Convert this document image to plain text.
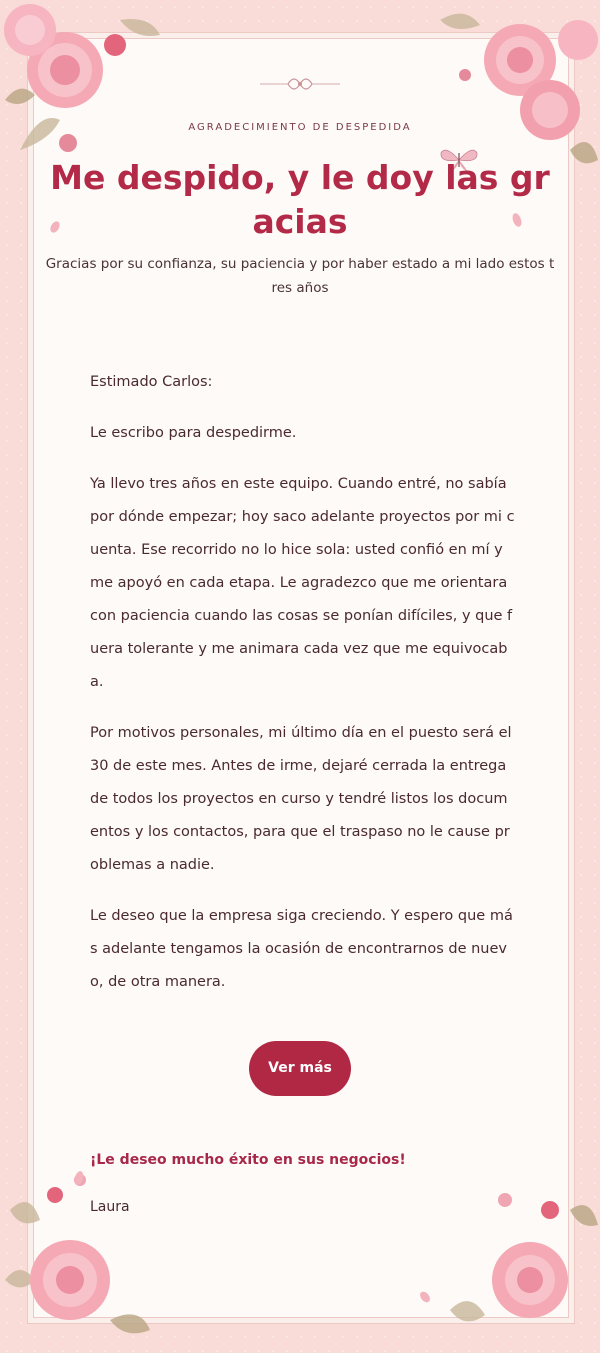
AGRADECIMIENTO DE DESPEDIDA
Me despido, y le doy las gracias
Gracias por su confianza, su paciencia y por haber estado a mi lado estos tres años

Estimado Carlos:

Le escribo para despedirme.

Ya llevo tres años en este equipo. Cuando entré, no sabía por dónde empezar; hoy saco adelante proyectos por mi cuenta. Ese recorrido no lo hice sola: usted confió en mí y me apoyó en cada etapa. Le agradezco que me orientara con paciencia cuando las cosas se ponían difíciles, y que fuera tolerante y me animara cada vez que me equivocaba.

Por motivos personales, mi último día en el puesto será el 30 de este mes. Antes de irme, dejaré cerrada la entrega de todos los proyectos en curso y tendré listos los documentos y los contactos, para que el traspaso no le cause problemas a nadie.

Le deseo que la empresa siga creciendo. Y espero que más adelante tengamos la ocasión de encontrarnos de nuevo, de otra manera.

Ver más
¡Le deseo mucho éxito en sus negocios!
Laura
